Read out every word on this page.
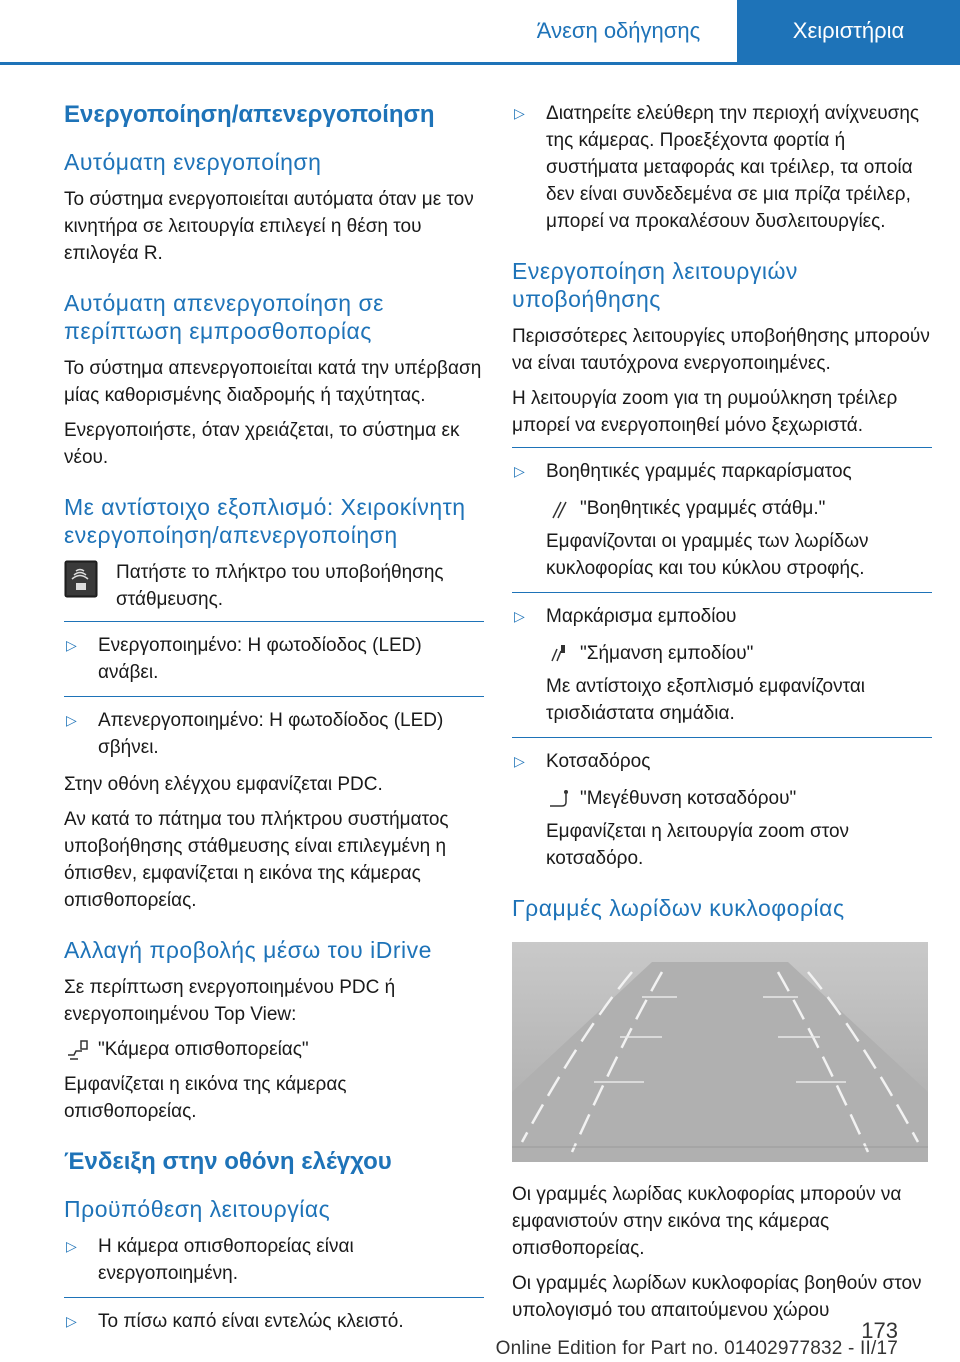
Άνεση οδήγησης	Χειριστήρια
Ενεργοποίηση/απενεργοποίηση
Αυτόματη ενεργοποίηση

Το σύστημα ενεργοποιείται αυτόματα όταν με τον κινητήρα σε λειτουργία επιλεγεί η θέση του επιλογέα R.

Αυτόματη απενεργοποίηση σε περίπτωση εμπροσθοπορίας

Το σύστημα απενεργοποιείται κατά την υπέρβαση μίας καθορισμένης διαδρομής ή ταχύτητας.

Ενεργοποιήστε, όταν χρειάζεται, το σύστημα εκ νέου.

Με αντίστοιχο εξοπλισμό: Χειροκίνητη ενεργοποίηση/απενεργοποίηση
Πατήστε το πλήκτρο του υποβοήθησης στάθμευσης.
▷ Ενεργοποιημένο: Η φωτοδίοδος (LED) ανάβει.
▷ Απενεργοποιημένο: Η φωτοδίοδος (LED) σβήνει.

Στην οθόνη ελέγχου εμφανίζεται PDC.

Αν κατά το πάτημα του πλήκτρου συστήματος υποβοήθησης στάθμευσης είναι επιλεγμένη η όπισθεν, εμφανίζεται η εικόνα της κάμερας οπισθοπορείας.

Αλλαγή προβολής μέσω του iDrive

Σε περίπτωση ενεργοποιημένου PDC ή ενεργοποιημένου Top View:

"Κάμερα οπισθοπορείας"

Εμφανίζεται η εικόνα της κάμερας οπισθοπορείας.

Ένδειξη στην οθόνη ελέγχου
Προϋπόθεση λειτουργίας
▷ Η κάμερα οπισθοπορείας είναι ενεργοποιημένη.
▷ Το πίσω καπό είναι εντελώς κλειστό.
▷ Διατηρείτε ελεύθερη την περιοχή ανίχνευσης της κάμερας. Προεξέχοντα φορτία ή συστήματα μεταφοράς και τρέιλερ, τα οποία δεν είναι συνδεδεμένα σε μια πρίζα τρέιλερ, μπορεί να προκαλέσουν δυσλειτουργίες.
Ενεργοποίηση λειτουργιών υποβοήθησης

Περισσότερες λειτουργίες υποβοήθησης μπορούν να είναι ταυτόχρονα ενεργοποιημένες.

Η λειτουργία zoom για τη ρυμούλκηση τρέιλερ μπορεί να ενεργοποιηθεί μόνο ξεχωριστά.

▷ Βοηθητικές γραμμές παρκαρίσματος
"Βοηθητικές γραμμές στάθμ."
Εμφανίζονται οι γραμμές των λωρίδων κυκλοφορίας και του κύκλου στροφής.
▷ Μαρκάρισμα εμποδίου
"Σήμανση εμποδίου"
Με αντίστοιχο εξοπλισμό εμφανίζονται τρισδιάστατα σημάδια.
▷ Κοτσαδόρος
"Μεγέθυνση κοτσαδόρου"
Εμφανίζεται η λειτουργία zoom στον κοτσαδόρο.
Γραμμές λωρίδων κυκλοφορίας

Οι γραμμές λωρίδας κυκλοφορίας μπορούν να εμφανιστούν στην εικόνα της κάμερας οπισθοπορείας.

Οι γραμμές λωρίδων κυκλοφορίας βοηθούν στον υπολογισμό του απαιτούμενου χώρου

173
Online Edition for Part no. 01402977832 - II/17
